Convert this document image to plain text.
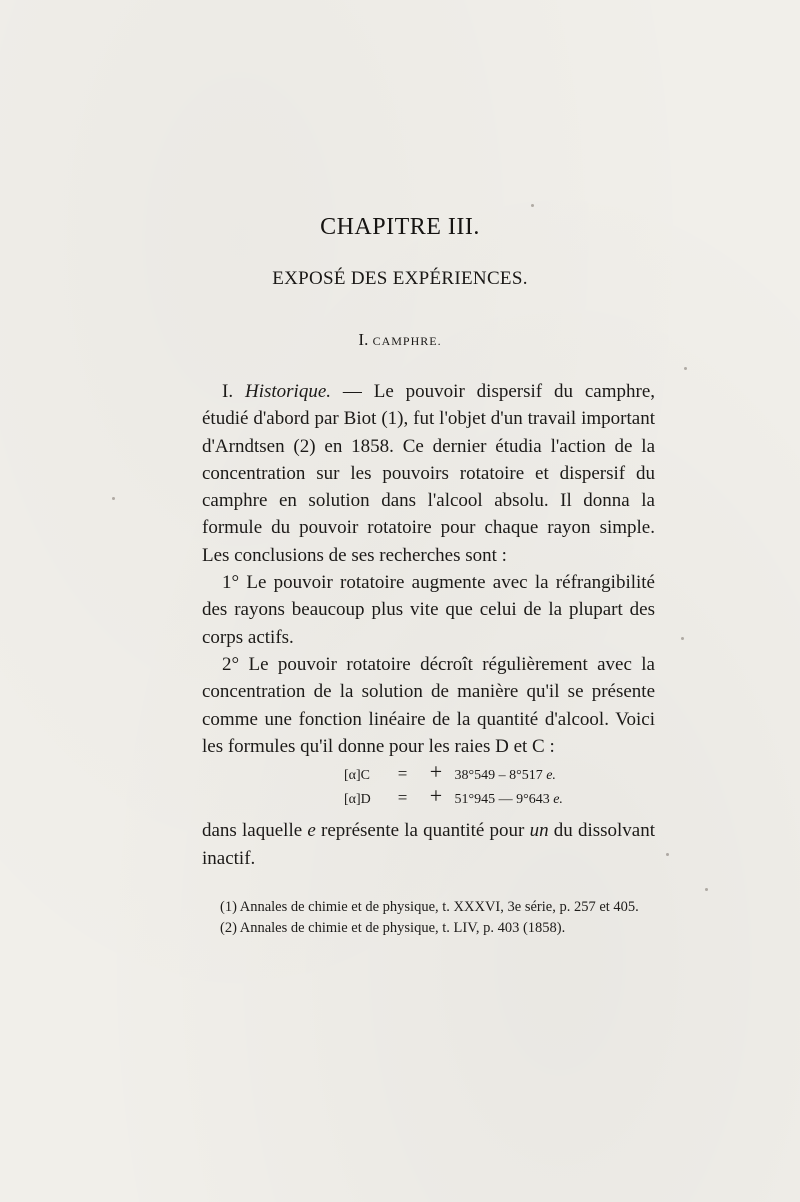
CHAPITRE III.
EXPOSÉ DES EXPÉRIENCES.
I. CAMPHRE.

I. Historique. — Le pouvoir dispersif du camphre, étudié d'abord par Biot (1), fut l'objet d'un travail important d'Arndtsen (2) en 1858. Ce dernier étudia l'action de la concentration sur les pouvoirs rotatoire et dispersif du camphre en solution dans l'alcool absolu. Il donna la formule du pouvoir rotatoire pour chaque rayon simple. Les conclusions de ses recherches sont :

1° Le pouvoir rotatoire augmente avec la réfrangibilité des rayons beaucoup plus vite que celui de la plupart des corps actifs.

2° Le pouvoir rotatoire décroît régulièrement avec la concentration de la solution de manière qu'il se présente comme une fonction linéaire de la quantité d'alcool. Voici les formules qu'il donne pour les raies D et C :

[α]C = + 38°549 – 8°517 e.
[α]D = + 51°945 — 9°643 e.

dans laquelle e représente la quantité pour un du dissolvant inactif.

(1) Annales de chimie et de physique, t. XXXVI, 3e série, p. 257 et 405.

(2) Annales de chimie et de physique, t. LIV, p. 403 (1858).
